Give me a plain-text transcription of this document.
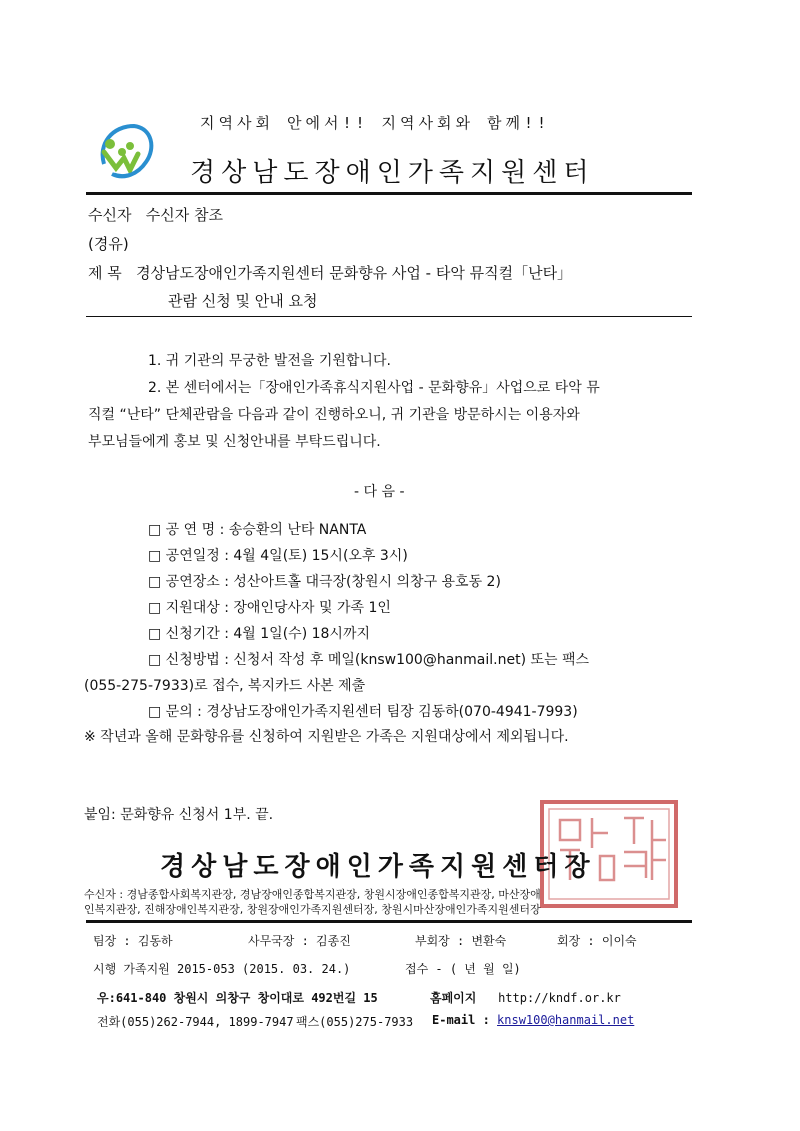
지역사회 안에서!! 지역사회와 함께!!
경상남도장애인가족지원센터
수신자 수신자 참조
(경유)
제 목 경상남도장애인가족지원센터 문화향유 사업 - 타악 뮤직컬「난타」
관람 신청 및 안내 요청
1. 귀 기관의 무궁한 발전을 기원합니다.
2. 본 센터에서는「장애인가족휴식지원사업 - 문화향유」사업으로 타악 뮤
직컬 “난타” 단체관람을 다음과 같이 진행하오니, 귀 기관을 방문하시는 이용자와
부모님들에게 홍보 및 신청안내를 부탁드립니다.
- 다 음 -
□ 공 연 명 : 송승환의 난타 NANTA
□ 공연일정 : 4월 4일(토) 15시(오후 3시)
□ 공연장소 : 성산아트홀 대극장(창원시 의창구 용호동 2)
□ 지원대상 : 장애인당사자 및 가족 1인
□ 신청기간 : 4월 1일(수) 18시까지
□ 신청방법 : 신청서 작성 후 메일(knsw100@hanmail.net) 또는 팩스
(055-275-7933)로 접수, 복지카드 사본 제출
□ 문의 : 경상남도장애인가족지원센터 팀장 김동하(070-4941-7993)
※ 작년과 올해 문화향유를 신청하여 지원받은 가족은 지원대상에서 제외됩니다.
붙임: 문화향유 신청서 1부. 끝.
경상남도장애인가족지원센터장
수신자 : 경남종합사회복지관장, 경남장애인종합복지관장, 창원시장애인종합복지관장, 마산장애
인복지관장, 진해장애인복지관장, 창원장애인가족지원센터장, 창원시마산장애인가족지원센터장
팀장 : 김동하	사무국장 : 김종진	부회장 : 변환숙	회장 : 이이숙
시행 가족지원 2015-053 (2015. 03. 24.)	접수 - ( 년 월 일)
우:641-840 창원시 의창구 창이대로 492번길 15	홈페이지 http://kndf.or.kr
전화(055)262-7944, 1899-7947 팩스(055)275-7933 E-mail : knsw100@hanmail.net
